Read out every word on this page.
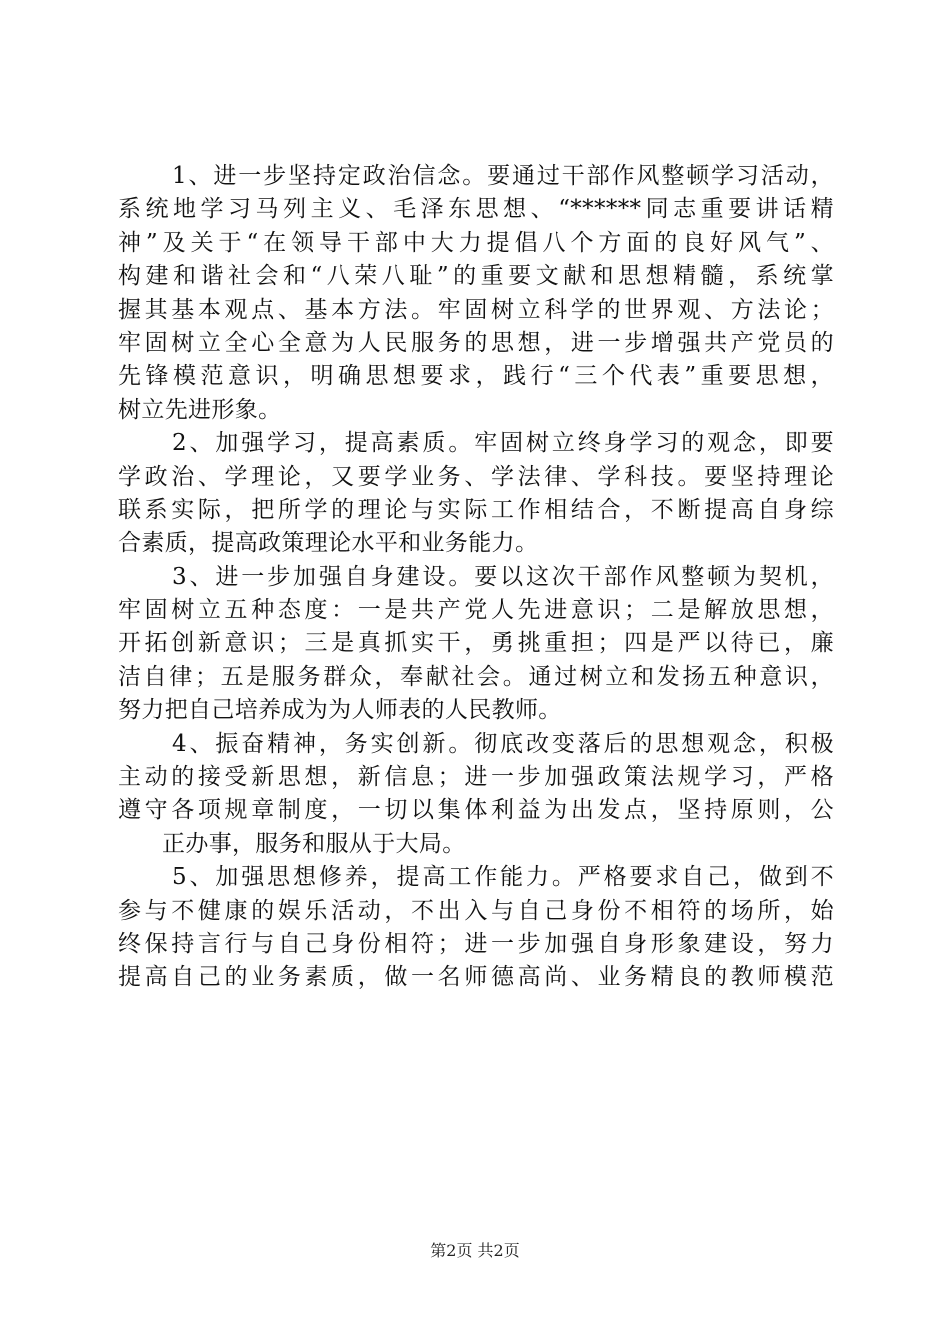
1、进一步坚持定政治信念。要通过干部作风整顿学习活动，
系统地学习马列主义、毛泽东思想、“******同志重要讲话精
神”及关于“在领导干部中大力提倡八个方面的良好风气”、
构建和谐社会和“八荣八耻”的重要文献和思想精髓，系统掌
握其基本观点、基本方法。牢固树立科学的世界观、方法论；
牢固树立全心全意为人民服务的思想，进一步增强共产党员的
先锋模范意识，明确思想要求，践行“三个代表”重要思想，
树立先进形象。
2、加强学习，提高素质。牢固树立终身学习的观念，即要
学政治、学理论，又要学业务、学法律、学科技。要坚持理论
联系实际，把所学的理论与实际工作相结合，不断提高自身综
合素质，提高政策理论水平和业务能力。
3、进一步加强自身建设。要以这次干部作风整顿为契机，
牢固树立五种态度：一是共产党人先进意识；二是解放思想，
开拓创新意识；三是真抓实干，勇挑重担；四是严以待已，廉
洁自律；五是服务群众，奉献社会。通过树立和发扬五种意识，
努力把自己培养成为为人师表的人民教师。
4、振奋精神，务实创新。彻底改变落后的思想观念，积极
主动的接受新思想，新信息；进一步加强政策法规学习，严格
遵守各项规章制度，一切以集体利益为出发点，坚持原则，公
正办事，服务和服从于大局。
5、加强思想修养，提高工作能力。严格要求自己，做到不
参与不健康的娱乐活动，不出入与自己身份不相符的场所，始
终保持言行与自己身份相符；进一步加强自身形象建设，努力
提高自己的业务素质，做一名师德高尚、业务精良的教师模范
第2页 共2页
